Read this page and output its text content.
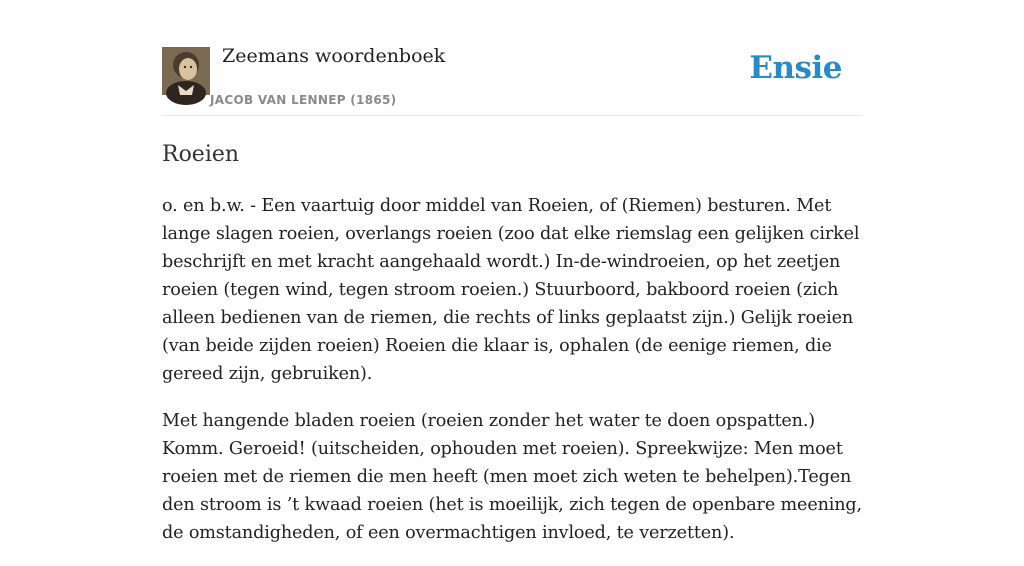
Zeemans woordenboek
JACOB VAN LENNEP (1865)
Ensie
Roeien

o. en b.w. - Een vaartuig door middel van Roeien, of (Riemen) besturen. Met lange slagen roeien, overlangs roeien (zoo dat elke riemslag een gelijken cirkel beschrijft en met kracht aangehaald wordt.) In-de-windroeien, op het zeetjen roeien (tegen wind, tegen stroom roeien.) Stuurboord, bakboord roeien (zich alleen bedienen van de riemen, die rechts of links geplaatst zijn.) Gelijk roeien (van beide zijden roeien) Roeien die klaar is, ophalen (de eenige riemen, die gereed zijn, gebruiken).

Met hangende bladen roeien (roeien zonder het water te doen opspatten.) Komm. Geroeid! (uitscheiden, ophouden met roeien). Spreekwijze: Men moet roeien met de riemen die men heeft (men moet zich weten te behelpen).Tegen den stroom is ’t kwaad roeien (het is moeilijk, zich tegen de openbare meening, de omstandigheden, of een overmachtigen invloed, te verzetten).
